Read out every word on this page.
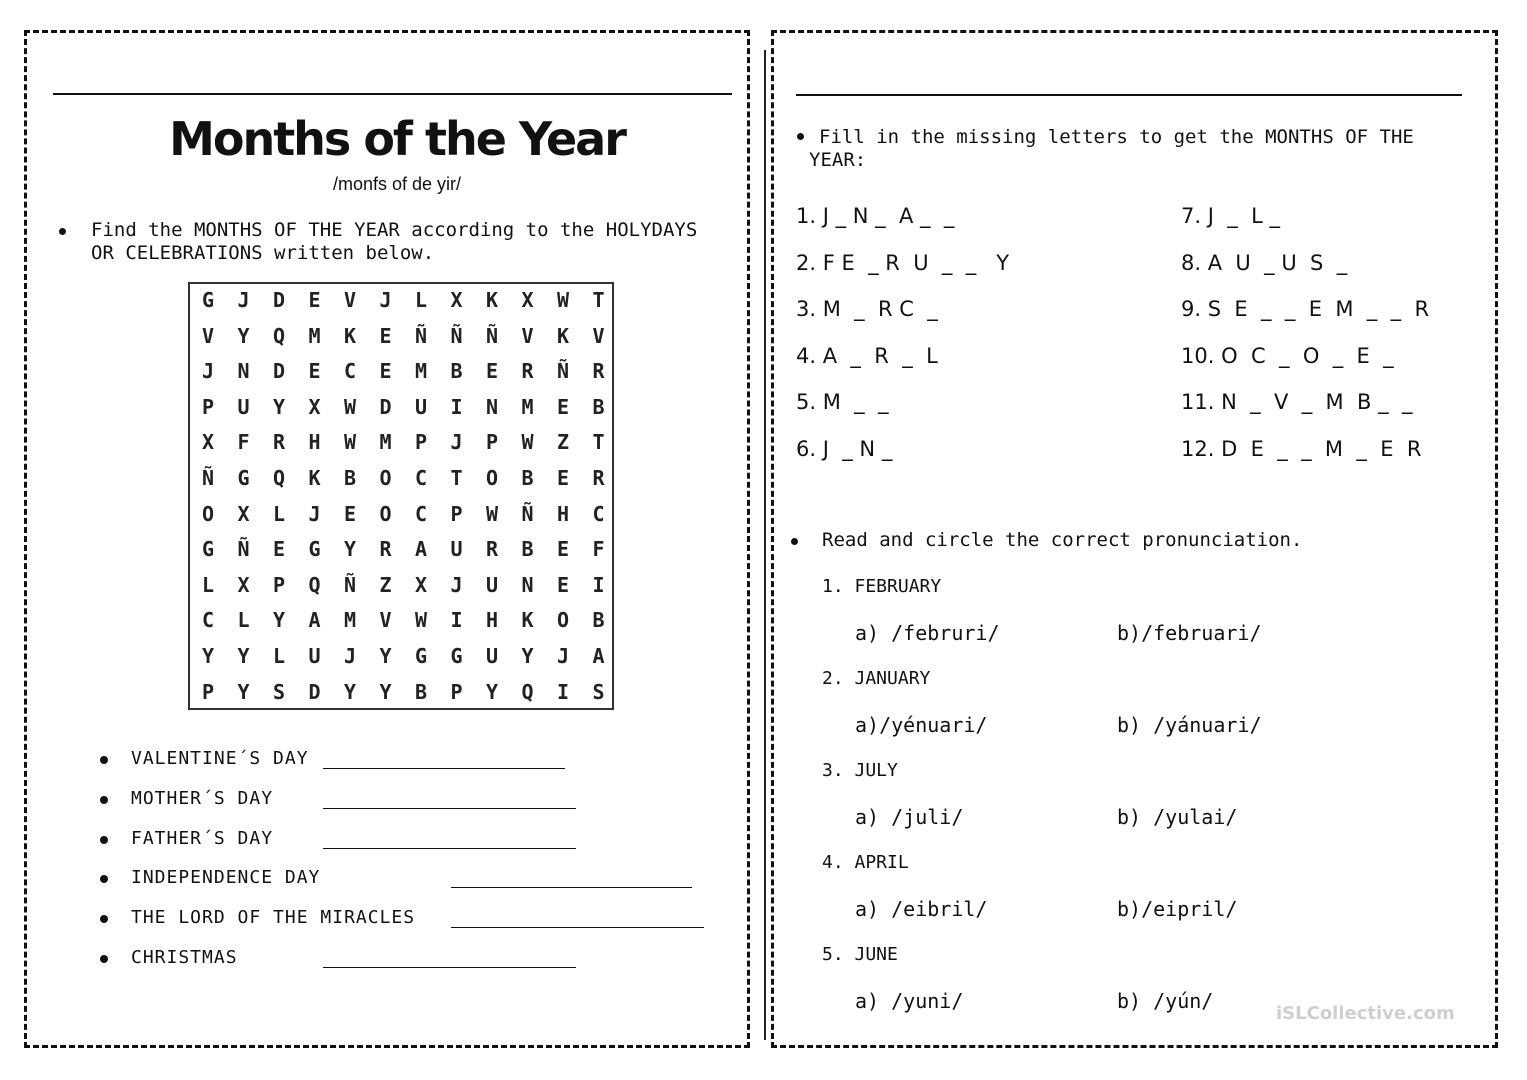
Months of the Year
/monfs of de yir/
Find the MONTHS OF THE YEAR according to the HOLYDAYS
OR CELEBRATIONS written below.
G	J	D	E	V	J	L	X	K	X	W	T
V	Y	Q	M	K	E	Ñ	Ñ	Ñ	V	K	V
J	N	D	E	C	E	M	B	E	R	Ñ	R
P	U	Y	X	W	D	U	I	N	M	E	B
X	F	R	H	W	M	P	J	P	W	Z	T
Ñ	G	Q	K	B	O	C	T	O	B	E	R
O	X	L	J	E	O	C	P	W	Ñ	H	C
G	Ñ	E	G	Y	R	A	U	R	B	E	F
L	X	P	Q	Ñ	Z	X	J	U	N	E	I
C	L	Y	A	M	V	W	I	H	K	O	B
Y	Y	L	U	J	Y	G	G	U	Y	J	A
P	Y	S	D	Y	Y	B	P	Y	Q	I	S
VALENTINE´S DAY
MOTHER´S DAY
FATHER´S DAY
INDEPENDENCE DAY
THE LORD OF THE MIRACLES
CHRISTMAS
Fill in the missing letters to get the MONTHS OF THE
YEAR:
1. J _ N _  A _  _
2. F E  _ R  U  _  _   Y
3. M  _  R C  _
4. A  _  R  _  L
5. M  _  _
6. J  _ N _
7. J  _  L _
8. A  U  _ U  S  _
9. S  E  _  _  E  M  _  _  R
10. O  C  _  O  _  E  _
11. N  _  V  _  M  B _  _
12. D  E  _  _  M  _  E  R
Read and circle the correct pronunciation.
1. FEBRUARY
a) /februri/	b)/februari/
2. JANUARY
a)/yénuari/	b) /yánuari/
3. JULY
a) /juli/	b) /yulai/
4. APRIL
a) /eibril/	b)/eipril/
5. JUNE
a) /yuni/	b) /yún/
iSLCollective.com
